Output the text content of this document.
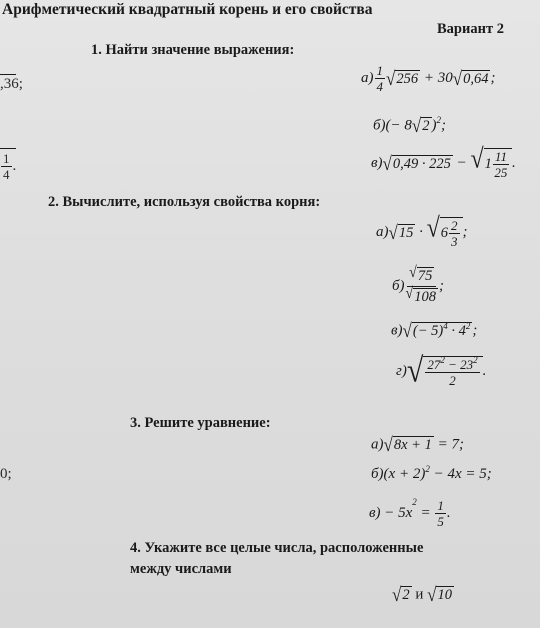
Арифметический квадратный корень и его свойства
Вариант 2
,36;
$\frac{1}{4}$ .
0;
1. Найти значение выражения:
$а) \frac{1}{4}$ √ 256 + 30 √ 0,64 ;
б)(− 8 √ 2 )$^2$;
в) √ 0,49 · 225 − √ $1 \frac{11}{25}$ .
2. Вычислите, используя свойства корня:
а) √ 15 · √ $6 \frac{2}{3}$ ;
$б) \frac{√ 75}{√ 108}$ ;
в) √ (− $5)^4 \cdot 4^2$ ;
г) √ $\frac{27^2 - 23^2}{2}$ .
3. Решите уравнение:
а) √ 8x + 1 = 7;
$б)(x + 2)^2 - 4x = 5$;
$в) - 5x^2 = \frac{1}{5}$ .
4. Укажите все целые числа, расположенные
между числами
√ 2 и √ 10
